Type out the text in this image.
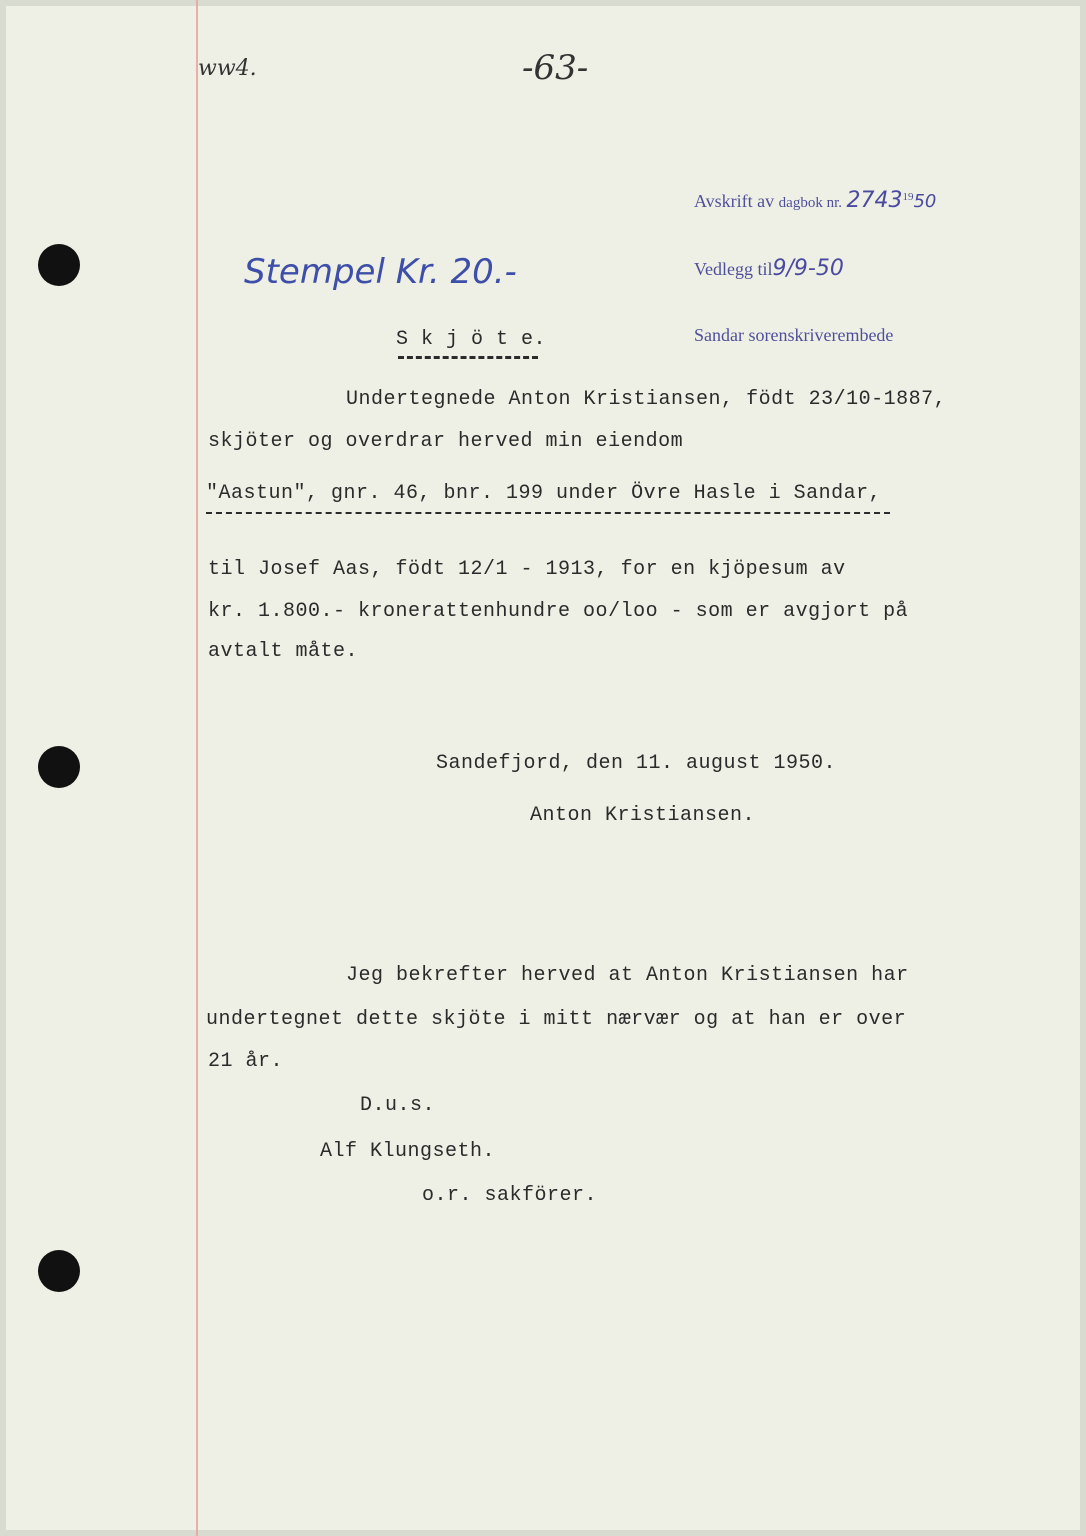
ww4.	-63-

Avskrift av dagbok nr. 2743$^{19}$50

Vedlegg til9/9-50

Sandar sorenskriverembede

Stempel Kr. 20.-
S k j ö t e.
Undertegnede Anton Kristiansen, födt 23/10-1887,
skjöter og overdrar herved min eiendom
"Aastun", gnr. 46, bnr. 199 under Övre Hasle i Sandar,
til Josef Aas, födt 12/1 - 1913, for en kjöpesum av
kr. 1.800.- kronerattenhundre oo/loo - som er avgjort på
avtalt måte.
Sandefjord, den 11. august 1950.
Anton Kristiansen.
Jeg bekrefter herved at Anton Kristiansen har
undertegnet dette skjöte i mitt nærvær og at han er over
21 år.
D.u.s.
Alf Klungseth.
o.r. sakförer.
